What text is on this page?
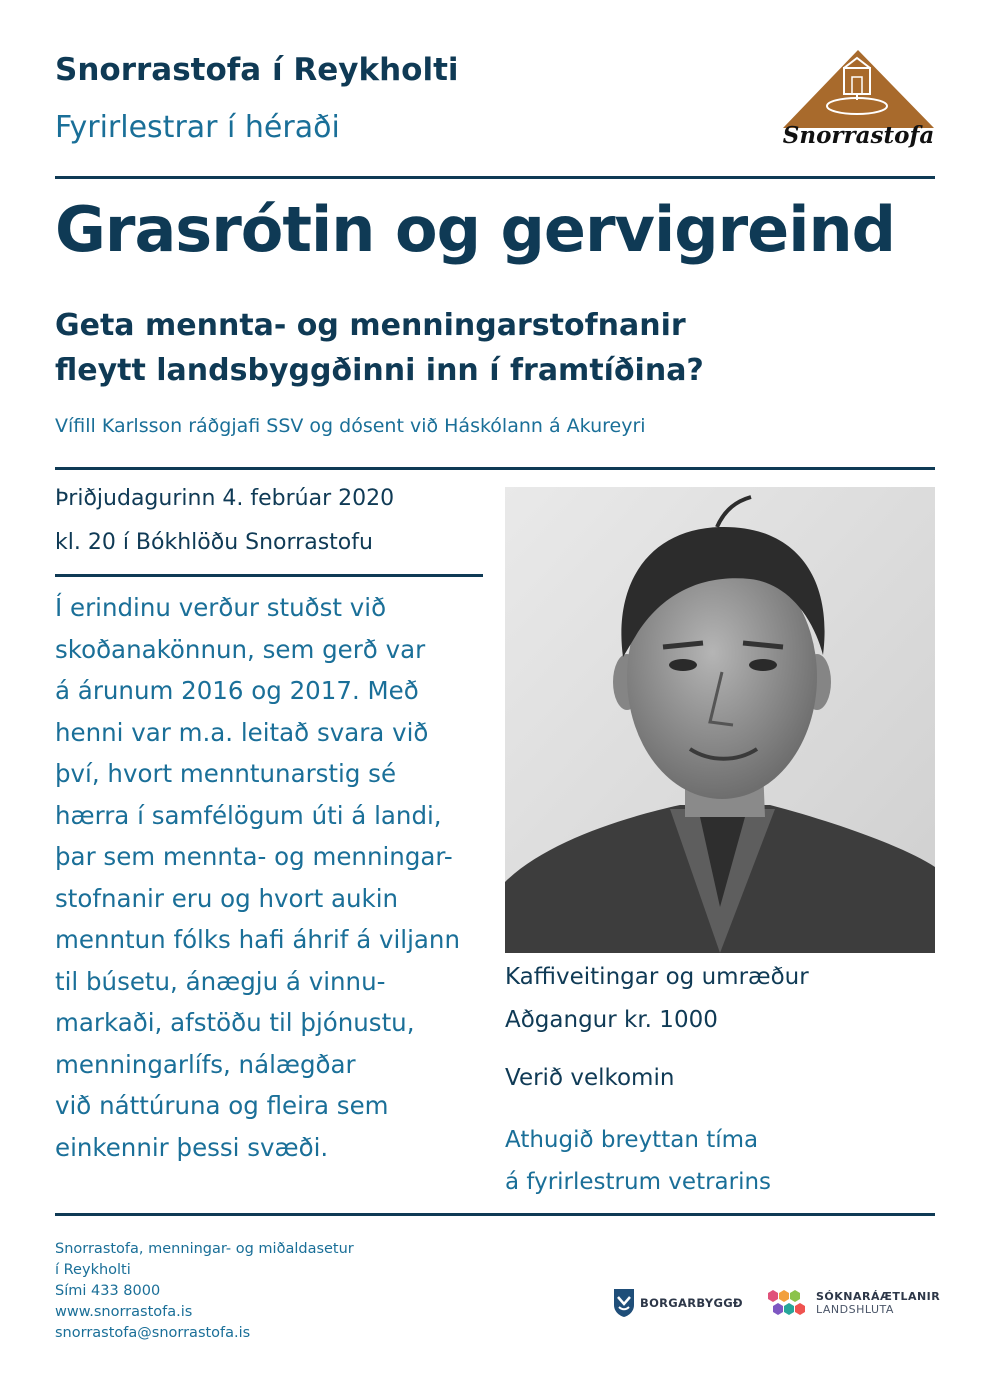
Snorrastofa í Reykholti
Fyrirlestrar í héraði	Snorrastofa
Grasrótin og gervigreind
Geta mennta- og menningarstofnanir
fleytt landsbyggðinni inn í framtíðina?
Vífill Karlsson ráðgjafi SSV og dósent við Háskólann á Akureyri
Þriðjudagurinn 4. febrúar 2020
kl. 20 í Bókhlöðu Snorrastofu

Í erindinu verður stuðst við
skoðanakönnun, sem gerð var
á árunum 2016 og 2017. Með
henni var m.a. leitað svara við
því, hvort menntunarstig sé
hærra í samfélögum úti á landi,
þar sem mennta- og menningar-
stofnanir eru og hvort aukin
menntun fólks hafi áhrif á viljann
til búsetu, ánægju á vinnu-
markaði, afstöðu til þjónustu,
menningarlífs, nálægðar
við náttúruna og fleira sem
einkennir þessi svæði.

Kaffiveitingar og umræður
Aðgangur kr. 1000
Verið velkomin
Athugið breyttan tíma
á fyrirlestrum vetrarins
Snorrastofa, menningar- og miðaldasetur
í Reykholti
Sími 433 8000
www.snorrastofa.is
snorrastofa@snorrastofa.is
BORGARBYGGÐ	SÓKNARÁÆTLANIR
LANDSHLUTA
